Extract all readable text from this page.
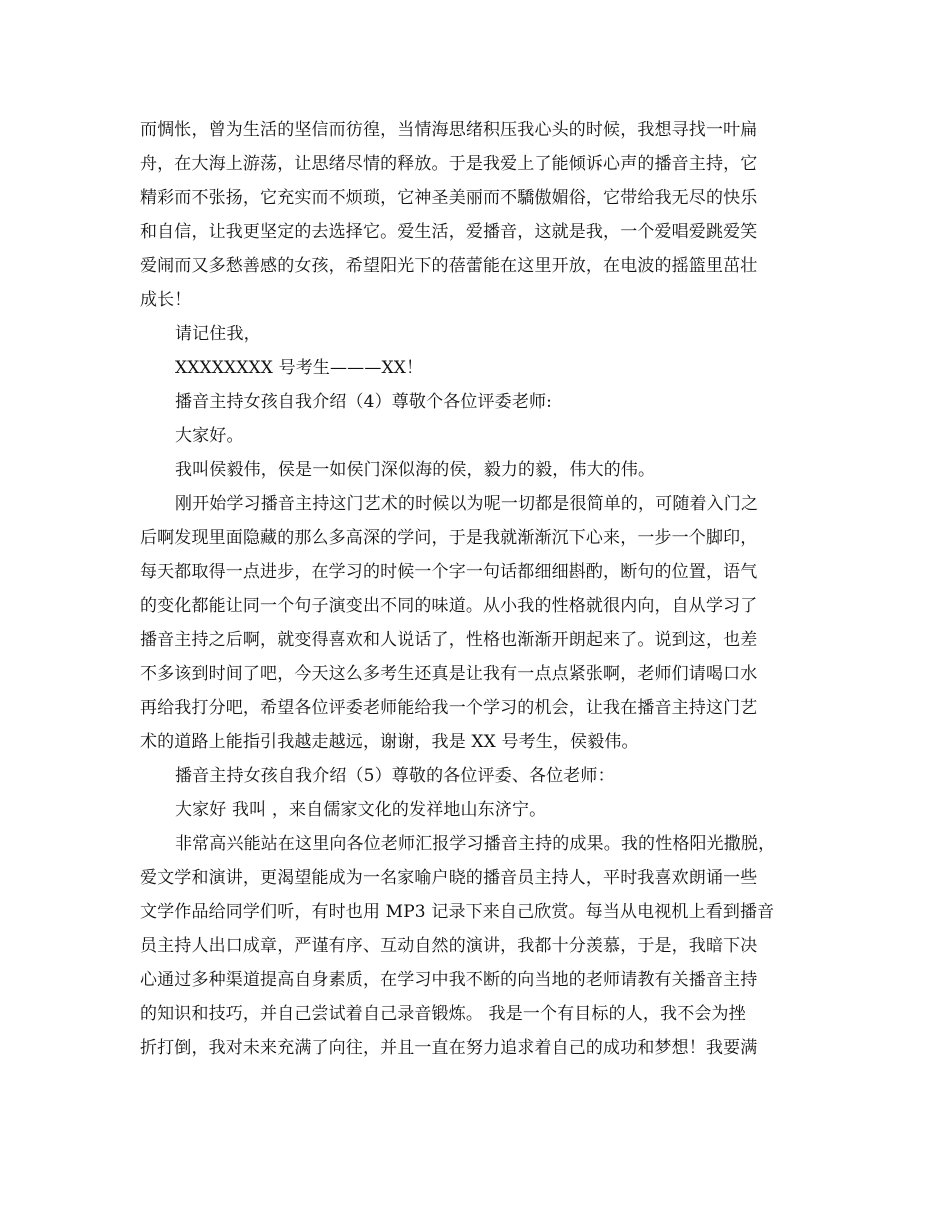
而惆怅，曾为生活的坚信而彷徨，当情海思绪积压我心头的时候，我想寻找一叶扁
舟，在大海上游荡，让思绪尽情的释放。于是我爱上了能倾诉心声的播音主持，它
精彩而不张扬，它充实而不烦琐，它神圣美丽而不驕傲媚俗，它带给我无尽的快乐
和自信，让我更坚定的去选择它。爱生活，爱播音，这就是我，一个爱唱爱跳爱笑
爱闹而又多愁善感的女孩，希望阳光下的蓓蕾能在这里开放，在电波的摇篮里茁壮
成长！
请记住我，
XXXXXXXX 号考生———XX！
播音主持女孩自我介绍（4）尊敬个各位评委老师:
大家好。
我叫侯毅伟，侯是一如侯门深似海的侯，毅力的毅，伟大的伟。
刚开始学习播音主持这门艺术的时候以为呢一切都是很简单的，可随着入门之
后啊发现里面隐藏的那么多高深的学问，于是我就渐渐沉下心来，一步一个脚印，
每天都取得一点进步，在学习的时候一个字一句话都细细斟酌，断句的位置，语气
的变化都能让同一个句子演变出不同的味道。从小我的性格就很内向，自从学习了
播音主持之后啊，就变得喜欢和人说话了，性格也渐渐开朗起来了。说到这，也差
不多该到时间了吧，今天这么多考生还真是让我有一点点紧张啊，老师们请喝口水
再给我打分吧，希望各位评委老师能给我一个学习的机会，让我在播音主持这门艺
术的道路上能指引我越走越远，谢谢，我是 XX 号考生，侯毅伟。
播音主持女孩自我介绍（5）尊敬的各位评委、各位老师：
大家好 我叫 ，来自儒家文化的发祥地山东济宁。
非常高兴能站在这里向各位老师汇报学习播音主持的成果。我的性格阳光撒脱，
爱文学和演讲，更渴望能成为一名家喻户晓的播音员主持人，平时我喜欢朗诵一些
文学作品给同学们听，有时也用 MP3 记录下来自己欣赏。每当从电视机上看到播音
员主持人出口成章，严谨有序、互动自然的演讲，我都十分羡慕，于是，我暗下决
心通过多种渠道提高自身素质，在学习中我不断的向当地的老师请教有关播音主持
的知识和技巧，并自己尝试着自己录音锻炼。 我是一个有目标的人，我不会为挫
折打倒，我对未来充满了向往，并且一直在努力追求着自己的成功和梦想！我要满
